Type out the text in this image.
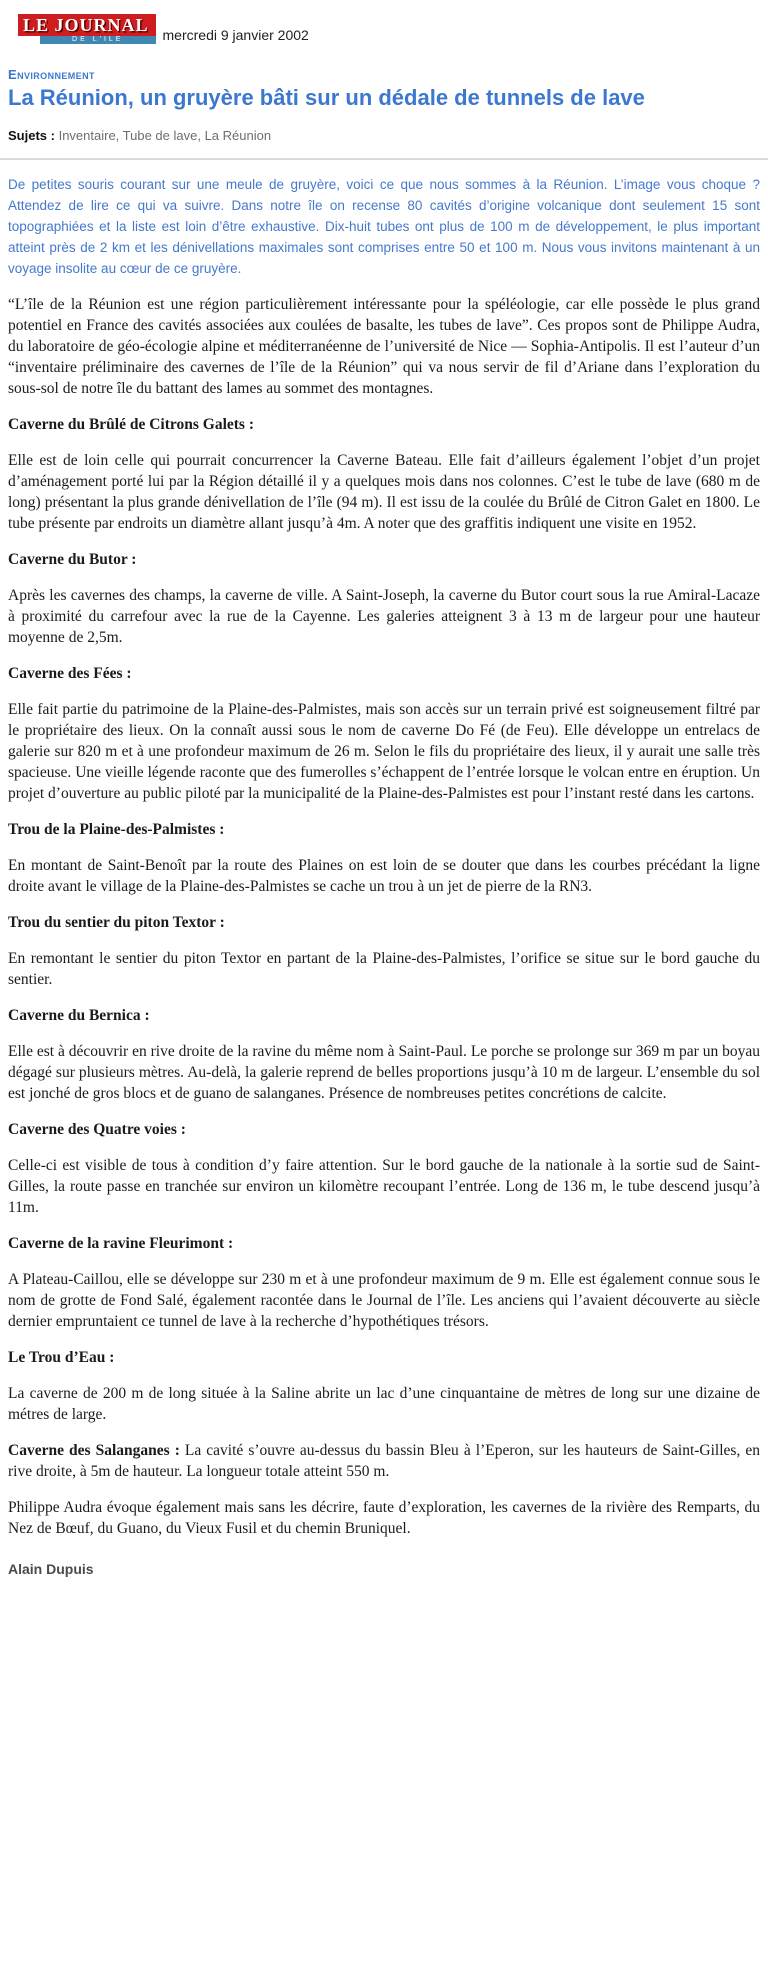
LE JOURNAL
DE L'ILE	mercredi 9 janvier 2002
Environnement
La Réunion, un gruyère bâti sur un dédale de tunnels de lave
Sujets : Inventaire, Tube de lave, La Réunion

De petites souris courant sur une meule de gruyère, voici ce que nous sommes à la Réunion. L’image vous choque ? Attendez de lire ce qui va suivre. Dans notre île on recense 80 cavités d’origine volcanique dont seulement 15 sont topographiées et la liste est loin d’être exhaustive. Dix-huit tubes ont plus de 100 m de développement, le plus important atteint près de 2 km et les dénivellations maximales sont comprises entre 50 et 100 m. Nous vous invitons maintenant à un voyage insolite au cœur de ce gruyère.

“L’île de la Réunion est une région particulièrement intéressante pour la spéléologie, car elle possède le plus grand potentiel en France des cavités associées aux coulées de basalte, les tubes de lave”. Ces propos sont de Philippe Audra, du laboratoire de géo-écologie alpine et méditerranéenne de l’université de Nice — Sophia-Antipolis. Il est l’auteur d’un “inventaire préliminaire des cavernes de l’île de la Réunion” qui va nous servir de fil d’Ariane dans l’exploration du sous-sol de notre île du battant des lames au sommet des montagnes.

Caverne du Brûlé de Citrons Galets :

Elle est de loin celle qui pourrait concurrencer la Caverne Bateau. Elle fait d’ailleurs également l’objet d’un projet d’aménagement porté lui par la Région détaillé il y a quelques mois dans nos colonnes. C’est le tube de lave (680 m de long) présentant la plus grande dénivellation de l’île (94 m). Il est issu de la coulée du Brûlé de Citron Galet en 1800. Le tube présente par endroits un diamètre allant jusqu’à 4m. A noter que des graffitis indiquent une visite en 1952.

Caverne du Butor :

Après les cavernes des champs, la caverne de ville. A Saint-Joseph, la caverne du Butor court sous la rue Amiral-Lacaze à proximité du carrefour avec la rue de la Cayenne. Les galeries atteignent 3 à 13 m de largeur pour une hauteur moyenne de 2,5m.

Caverne des Fées :

Elle fait partie du patrimoine de la Plaine-des-Palmistes, mais son accès sur un terrain privé est soigneusement filtré par le propriétaire des lieux. On la connaît aussi sous le nom de caverne Do Fé (de Feu). Elle développe un entrelacs de galerie sur 820 m et à une profondeur maximum de 26 m. Selon le fils du propriétaire des lieux, il y aurait une salle très spacieuse. Une vieille légende raconte que des fumerolles s’échappent de l’entrée lorsque le volcan entre en éruption. Un projet d’ouverture au public piloté par la municipalité de la Plaine-des-Palmistes est pour l’instant resté dans les cartons.

Trou de la Plaine-des-Palmistes :

En montant de Saint-Benoît par la route des Plaines on est loin de se douter que dans les courbes précédant la ligne droite avant le village de la Plaine-des-Palmistes se cache un trou à un jet de pierre de la RN3.

Trou du sentier du piton Textor :

En remontant le sentier du piton Textor en partant de la Plaine-des-Palmistes, l’orifice se situe sur le bord gauche du sentier.

Caverne du Bernica :

Elle est à découvrir en rive droite de la ravine du même nom à Saint-Paul. Le porche se prolonge sur 369 m par un boyau dégagé sur plusieurs mètres. Au-delà, la galerie reprend de belles proportions jusqu’à 10 m de largeur. L’ensemble du sol est jonché de gros blocs et de guano de salanganes. Présence de nombreuses petites concrétions de calcite.

Caverne des Quatre voies :

Celle-ci est visible de tous à condition d’y faire attention. Sur le bord gauche de la nationale à la sortie sud de Saint-Gilles, la route passe en tranchée sur environ un kilomètre recoupant l’entrée. Long de 136 m, le tube descend jusqu’à 11m.

Caverne de la ravine Fleurimont :

A Plateau-Caillou, elle se développe sur 230 m et à une profondeur maximum de 9 m. Elle est également connue sous le nom de grotte de Fond Salé, également racontée dans le Journal de l’île. Les anciens qui l’avaient découverte au siècle dernier empruntaient ce tunnel de lave à la recherche d’hypothétiques trésors.

Le Trou d’Eau :

La caverne de 200 m de long située à la Saline abrite un lac d’une cinquantaine de mètres de long sur une dizaine de métres de large.

Caverne des Salanganes :

La cavité s’ouvre au-dessus du bassin Bleu à l’Eperon, sur les hauteurs de Saint-Gilles, en rive droite, à 5m de hauteur. La longueur totale atteint 550 m.

Philippe Audra évoque également mais sans les décrire, faute d’exploration, les cavernes de la rivière des Remparts, du Nez de Bœuf, du Guano, du Vieux Fusil et du chemin Bruniquel.

Alain Dupuis
